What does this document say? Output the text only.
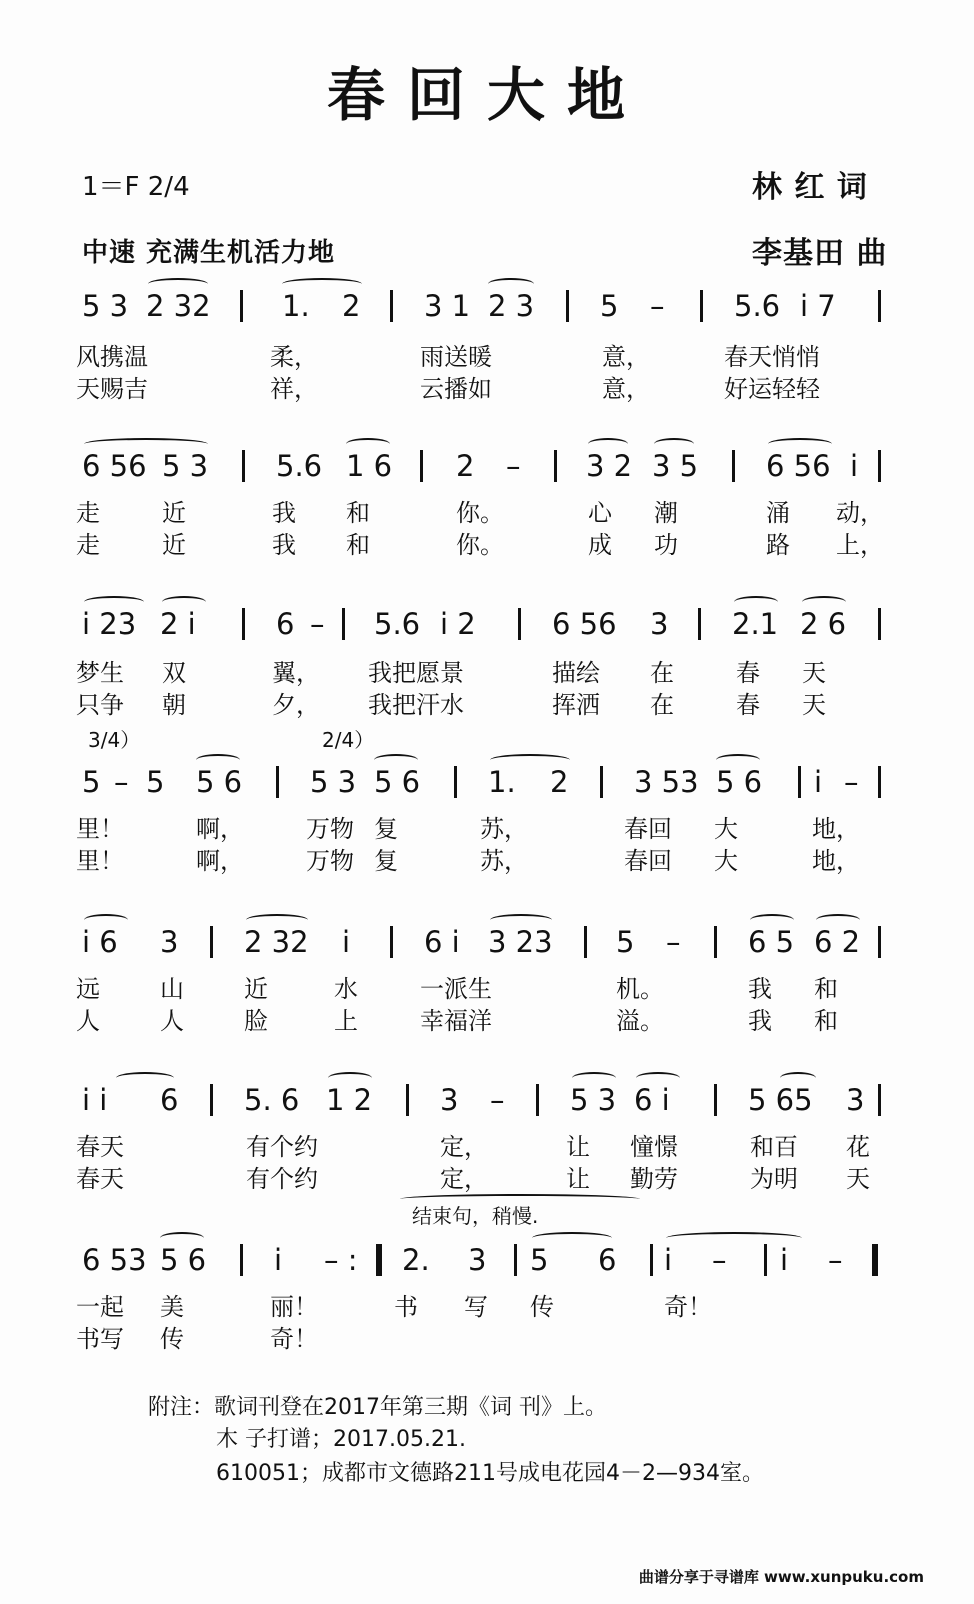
春回大地
1＝F 2/4
中速 充满生机活力地
林 红 词
李基田 曲
5 3 2 32 1. 2 3 1 2 3 5 – 5.6 i 7
风携温	柔，	雨送暖	意，	春天悄悄
天赐吉	祥，	云播如	意，	好运轻轻
6 56 5 3 5.6 1 6 2 – 3 2 3 5 6 56 i
走	近	我 和	你。	心 潮	涌 动，
走	近	我 和	你。	成 功	路 上，
i 23 2 i	6 – 5.6 i 2	6 56 3 2.1 2 6
梦生 双	翼， 我把愿景	描绘 在	春 天
只争 朝	夕， 我把汗水	挥洒 在	春 天
3/4）	2/4）
5 – 5 5 6 5 3 5 6 1. 2 3 53 5 6 i –
里！	啊，	万物 复	苏，	春回 大	地，
里！	啊，	万物 复	苏，	春回 大	地，
i 6 3 2 32 i	6 i 3 23 5 – 6 5 6 2
远	山	近	水	一派生	机。	我 和
人	人	脸	上	幸福洋	溢。	我 和
i i 6 5. 6 1 2 3 – 5 3 6 i	5 65 3
春天	有个约	定，	让 憧憬	和百 花
春天	有个约	定，	让 勤劳	为明 天
结束句，稍慢.
6 53 5 6 i – : 2. 3 5 6 i – i –
一起 美	丽！	书 写 传	奇！
书写 传	奇！
附注：歌词刊登在2017年第三期《词 刊》上。
木 子打谱；2017.05.21.
610051；成都市文德路211号成电花园4－2—934室。
曲谱分享于寻谱库 www.xunpuku.com
